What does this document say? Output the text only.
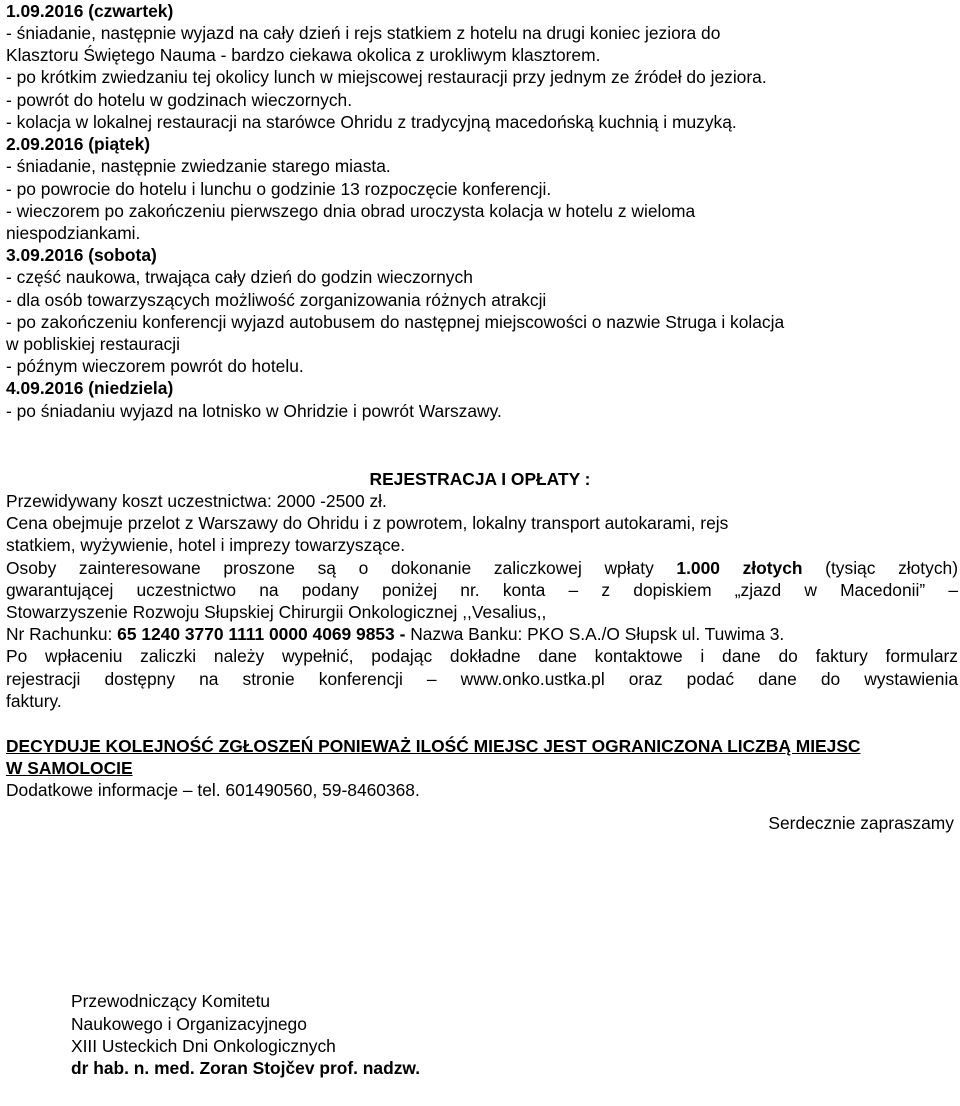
1.09.2016 (czwartek)
- śniadanie, następnie wyjazd na cały dzień i rejs statkiem z hotelu na drugi koniec jeziora do
Klasztoru Świętego Nauma - bardzo ciekawa okolica z urokliwym klasztorem.
- po krótkim zwiedzaniu tej okolicy lunch w miejscowej restauracji przy jednym ze źródeł do jeziora.
- powrót do hotelu w godzinach wieczornych.
- kolacja w lokalnej restauracji na starówce Ohridu z tradycyjną macedońską kuchnią i muzyką.
2.09.2016 (piątek)
- śniadanie, następnie zwiedzanie starego miasta.
- po powrocie do hotelu i lunchu o godzinie 13 rozpoczęcie konferencji.
- wieczorem po zakończeniu pierwszego dnia obrad uroczysta kolacja w hotelu z wieloma
niespodziankami.
3.09.2016 (sobota)
- część naukowa, trwająca cały dzień do godzin wieczornych
- dla osób towarzyszących możliwość zorganizowania różnych atrakcji
- po zakończeniu konferencji wyjazd autobusem do następnej miejscowości o nazwie Struga i kolacja
w pobliskiej restauracji
- późnym wieczorem powrót do hotelu.
4.09.2016 (niedziela)
- po śniadaniu wyjazd na lotnisko w Ohridzie i powrót Warszawy.
REJESTRACJA I OPŁATY :
Przewidywany koszt uczestnictwa: 2000 -2500 zł.
Cena obejmuje przelot z Warszawy do Ohridu i z powrotem, lokalny transport autokarami, rejs
statkiem, wyżywienie, hotel i imprezy towarzyszące.
Osoby zainteresowane proszone są o dokonanie zaliczkowej wpłaty 1.000 złotych (tysiąc złotych)
gwarantującej uczestnictwo na podany poniżej nr. konta – z dopiskiem „zjazd w Macedonii” –
Stowarzyszenie Rozwoju Słupskiej Chirurgii Onkologicznej ,,Vesalius,,
Nr Rachunku: 65 1240 3770 1111 0000 4069 9853 - Nazwa Banku: PKO S.A./O Słupsk ul. Tuwima 3.
Po wpłaceniu zaliczki należy wypełnić, podając dokładne dane kontaktowe i dane do faktury formularz
rejestracji dostępny na stronie konferencji – www.onko.ustka.pl oraz podać dane do wystawienia
faktury.
DECYDUJE KOLEJNOŚĆ ZGŁOSZEŃ PONIEWAŻ ILOŚĆ MIEJSC JEST OGRANICZONA LICZBĄ MIEJSC
W SAMOLOCIE
Dodatkowe informacje – tel. 601490560, 59-8460368.
Serdecznie zapraszamy
Przewodniczący Komitetu
Naukowego i Organizacyjnego
XIII Usteckich Dni Onkologicznych
dr hab. n. med. Zoran Stojčev prof. nadzw.
